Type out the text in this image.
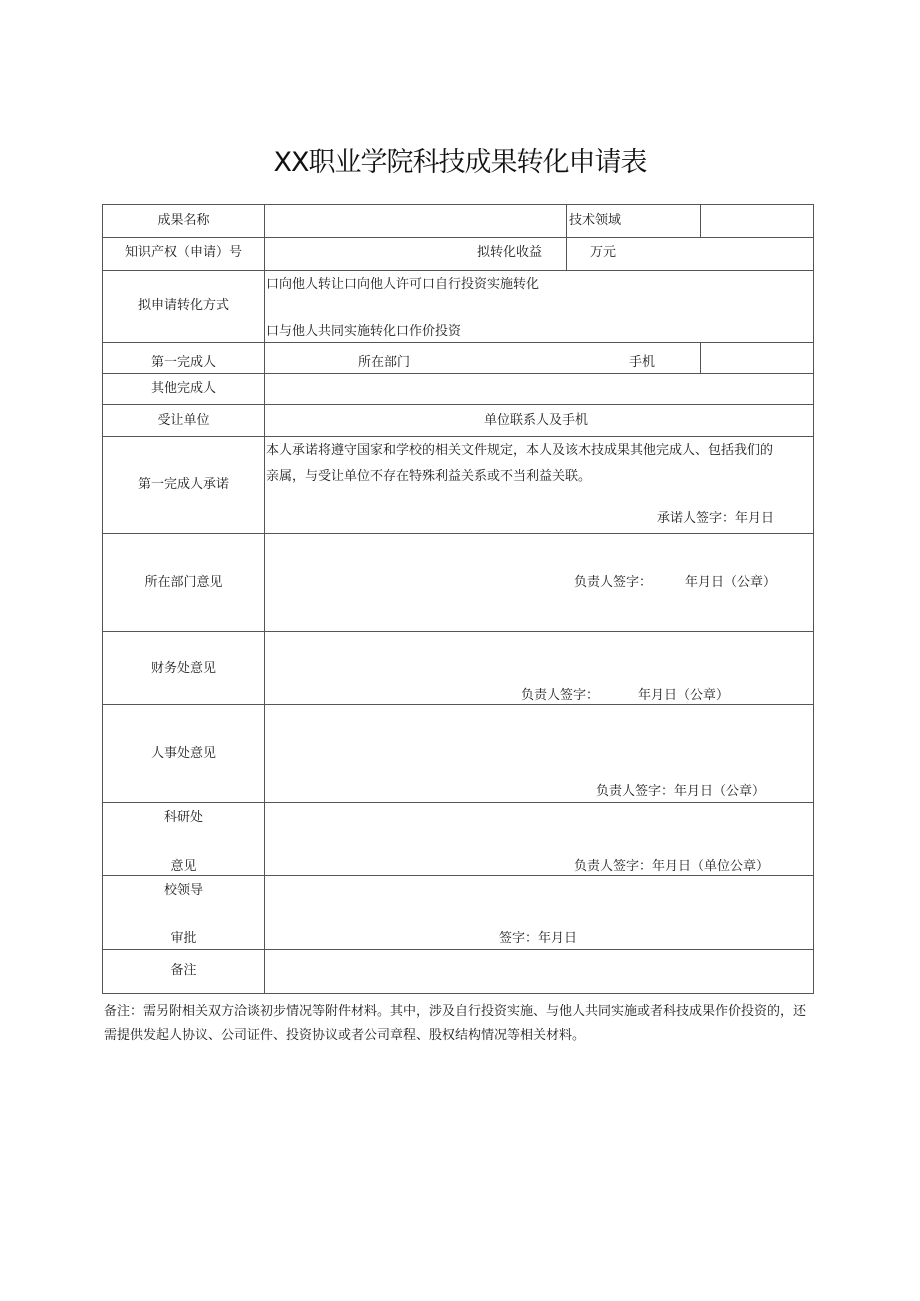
XX职业学院科技成果转化申请表
成果名称	技术领域
知识产权（申请）号	拟转化收益	万元
拟申请转化方式
口向他人转让口向他人许可口自行投资实施转化
口与他人共同实施转化口作价投资
第一完成人	所在部门	手机
其他完成人
受让单位	单位联系人及手机
第一完成人承诺
本人承诺将遵守国家和学校的相关文件规定，本人及该木技成果其他完成人、包括我们的
亲属，与受让单位不存在特殊利益关系或不当利益关联。
承诺人签字：年月日
所在部门意见	负责人签字：	年月日（公章）
财务处意见
负责人签字：	年月日（公章）
人事处意见
负责人签字：年月日（公章）
科研处
意见	负责人签字：年月日（单位公章）
校领导
审批	签字：年月日
备注
备注：需另附相关双方洽谈初步情况等附件材料。其中，涉及自行投资实施、与他人共同实施或者科技成果作价投资的，还需提供发起人协议、公司证件、投资协议或者公司章程、股权结构情况等相关材料。
